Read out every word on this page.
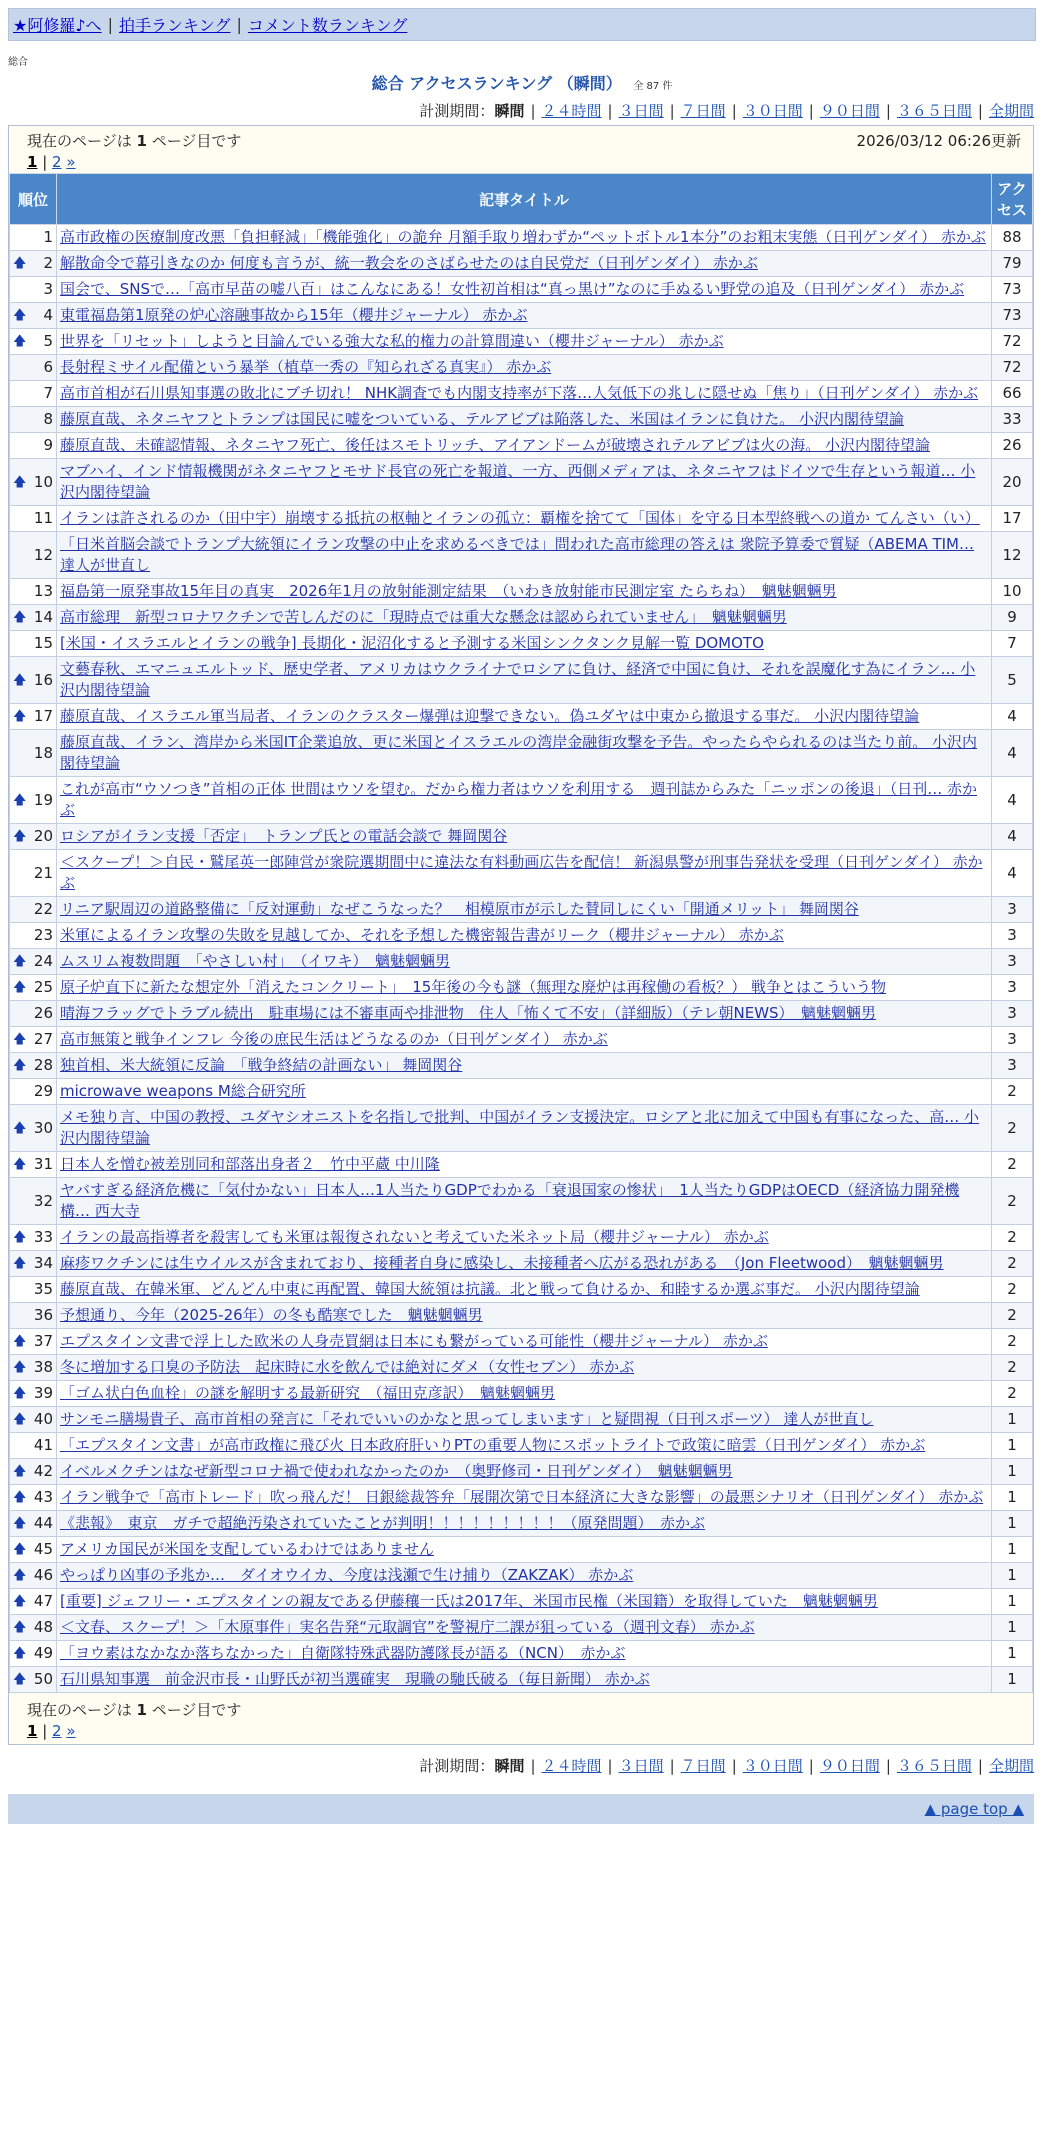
★阿修羅♪へ | 拍手ランキング | コメント数ランキング
総合
総合 アクセスランキング （瞬間） 全 87 件
計測期間：瞬間 | ２４時間 | ３日間 | ７日間 | ３０日間 | ９０日間 | ３６５日間 | 全期間
現在のページは 1 ページ目です	2026/03/12 06:26更新
1 | 2 »
順位	記事タイトル	アクセス
1	高市政権の医療制度改悪「負担軽減」「機能強化」の詭弁 月額手取り増わずか“ペットボトル1本分”のお粗末実態（日刊ゲンダイ） 赤かぶ	88

🡅 2	解散命令で幕引きなのか 何度も言うが、統一教会をのさばらせたのは自民党だ（日刊ゲンダイ） 赤かぶ	79
3	国会で、SNSで…「高市早苗の嘘八百」はこんなにある！女性初首相は“真っ黒け”なのに手ぬるい野党の追及（日刊ゲンダイ） 赤かぶ	73

🡅 4	東電福島第1原発の炉心溶融事故から15年（櫻井ジャーナル） 赤かぶ	73

🡅 5	世界を「リセット」しようと目論んでいる強大な私的権力の計算間違い（櫻井ジャーナル） 赤かぶ	72
6	長射程ミサイル配備という暴挙（植草一秀の『知られざる真実』） 赤かぶ	72
7	高市首相が石川県知事選の敗北にブチ切れ！ NHK調査でも内閣支持率が下落…人気低下の兆しに隠せぬ「焦り」（日刊ゲンダイ） 赤かぶ	66
8	藤原直哉、ネタニヤフとトランプは国民に嘘をついている、テルアビブは陥落した、米国はイランに負けた。 小沢内閣待望論	33
9	藤原直哉、未確認情報、ネタニヤフ死亡、後任はスモトリッチ、アイアンドームが破壊されテルアビブは火の海。 小沢内閣待望論	26

🡅 10	マブハイ、インド情報機関がネタニヤフとモサド長官の死亡を報道、一方、西側メディアは、ネタニヤフはドイツで生存という報道… 小沢内閣待望論	20
11	イランは許されるのか（田中宇）崩壊する抵抗の枢軸とイランの孤立：覇権を捨てて「国体」を守る日本型終戦への道か てんさい（い）	17
12	「日米首脳会談でトランプ大統領にイラン攻撃の中止を求めるべきでは」問われた高市総理の答えは 衆院予算委で質疑（ABEMA TIM… 達人が世直し	12
13	福島第一原発事故15年目の真実　2026年1月の放射能測定結果　（いわき放射能市民測定室 たらちね）　魑魅魍魎男	10

🡅 14	高市総理　新型コロナワクチンで苦しんだのに「現時点では重大な懸念は認められていません」　魑魅魍魎男	9
15	[米国・イスラエルとイランの戦争] 長期化・泥沼化すると予測する米国シンクタンク見解一覧 DOMOTO	7

🡅 16	文藝春秋、エマニュエルトッド、歴史学者、アメリカはウクライナでロシアに負け、経済で中国に負け、それを誤魔化す為にイラン… 小沢内閣待望論	5

🡅 17	藤原直哉、イスラエル軍当局者、イランのクラスター爆弾は迎撃できない。偽ユダヤは中東から撤退する事だ。 小沢内閣待望論	4
18	藤原直哉、イラン、湾岸から米国IT企業追放、更に米国とイスラエルの湾岸金融街攻撃を予告。やったらやられるのは当たり前。 小沢内閣待望論	4

🡅 19	これが高市“ウソつき”首相の正体 世間はウソを望む。だから権力者はウソを利用する　週刊誌からみた「ニッポンの後退」（日刊… 赤かぶ	4

🡅 20	ロシアがイラン支援「否定」　トランプ氏との電話会談で 舞岡関谷	4
21	＜スクープ！＞自民・鷲尾英一郎陣営が衆院選期間中に違法な有料動画広告を配信！ 新潟県警が刑事告発状を受理（日刊ゲンダイ） 赤かぶ	4
22	リニア駅周辺の道路整備に「反対運動」なぜこうなった？　相模原市が示した賛同しにくい「開通メリット」 舞岡関谷	3
23	米軍によるイラン攻撃の失敗を見越してか、それを予想した機密報告書がリーク（櫻井ジャーナル） 赤かぶ	3

🡅 24	ムスリム複数問題　「やさしい村」　（イワキ）　魑魅魍魎男	3

🡅 25	原子炉直下に新たな想定外「消えたコンクリート」　15年後の今も謎（無理な廃炉は再稼働の看板？） 戦争とはこういう物	3
26	晴海フラッグでトラブル続出　駐車場には不審車両や排泄物　住人「怖くて不安」（詳細版）（テレ朝NEWS）　魑魅魍魎男	3

🡅 27	高市無策と戦争インフレ 今後の庶民生活はどうなるのか（日刊ゲンダイ） 赤かぶ	3

🡅 28	独首相、米大統領に反論　「戦争終結の計画ない」 舞岡関谷	3
29	microwave weapons M総合研究所	2

🡅 30	メモ独り言、中国の教授、ユダヤシオニストを名指しで批判、中国がイラン支援決定。ロシアと北に加えて中国も有事になった、高… 小沢内閣待望論	2

🡅 31	日本人を憎む被差別同和部落出身者２＿竹中平蔵 中川隆	2
32	ヤバすぎる経済危機に「気付かない」日本人…1人当たりGDPでわかる「衰退国家の惨状」　1人当たりGDPはOECD（経済協力開発機構… 西大寺	2

🡅 33	イランの最高指導者を殺害しても米軍は報復されないと考えていた米ネット局（櫻井ジャーナル） 赤かぶ	2

🡅 34	麻疹ワクチンには生ウイルスが含まれており、接種者自身に感染し、未接種者へ広がる恐れがある　（Jon Fleetwood）　魑魅魍魎男	2
35	藤原直哉、在韓米軍、どんどん中東に再配置、韓国大統領は抗議。北と戦って負けるか、和睦するか選ぶ事だ。 小沢内閣待望論	2
36	予想通り、今年（2025-26年）の冬も酷寒でした　魑魅魍魎男	2

🡅 37	エプスタイン文書で浮上した欧米の人身売買網は日本にも繋がっている可能性（櫻井ジャーナル） 赤かぶ	2

🡅 38	冬に増加する口臭の予防法　起床時に水を飲んでは絶対にダメ（女性セブン） 赤かぶ	2

🡅 39	「ゴム状白色血栓」の謎を解明する最新研究　（福田克彦訳）　魑魅魍魎男	2

🡅 40	サンモニ膳場貴子、高市首相の発言に「それでいいのかなと思ってしまいます」と疑問視（日刊スポーツ） 達人が世直し	1
41	「エプスタイン文書」が高市政権に飛び火 日本政府肝いりPTの重要人物にスポットライトで政策に暗雲（日刊ゲンダイ） 赤かぶ	1

🡅 42	イベルメクチンはなぜ新型コロナ禍で使われなかったのか　（奥野修司・日刊ゲンダイ）　魑魅魍魎男	1

🡅 43	イラン戦争で「高市トレード」吹っ飛んだ！ 日銀総裁答弁「展開次第で日本経済に大きな影響」の最悪シナリオ（日刊ゲンダイ） 赤かぶ	1

🡅 44	《悲報》　東京　ガチで超絶汚染されていたことが判明！！！！！！！！！（原発問題）　赤かぶ	1

🡅 45	アメリカ国民が米国を支配しているわけではありません	1

🡅 46	やっぱり凶事の予兆か…　ダイオウイカ、今度は浅瀬で生け捕り（ZAKZAK） 赤かぶ	1

🡅 47	[重要] ジェフリー・エプスタインの親友である伊藤穰一氏は2017年、米国市民権（米国籍）を取得していた　魑魅魍魎男	1

🡅 48	＜文春、スクープ！＞「木原事件」実名告発“元取調官”を警視庁二課が狙っている（週刊文春） 赤かぶ	1

🡅 49	「ヨウ素はなかなか落ちなかった」自衛隊特殊武器防護隊長が語る（NCN）　赤かぶ	1

🡅 50	石川県知事選　前金沢市長・山野氏が初当選確実　現職の馳氏破る（毎日新聞） 赤かぶ	1
現在のページは 1 ページ目です
1 | 2 »
計測期間：瞬間 | ２４時間 | ３日間 | ７日間 | ３０日間 | ９０日間 | ３６５日間 | 全期間
▲ page top ▲
